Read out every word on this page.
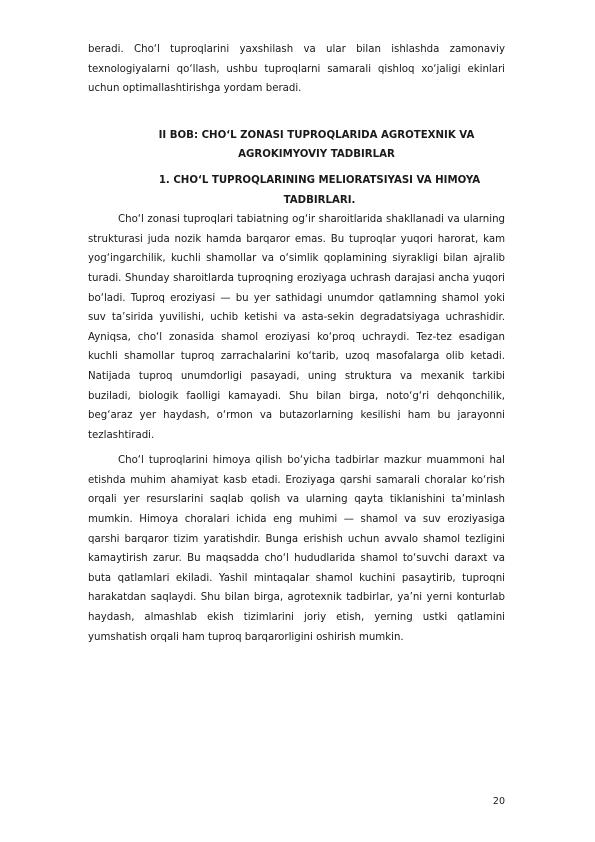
beradi. Cho‘l tuproqlarini yaxshilash va ular bilan ishlashda zamonaviy texnologiyalarni qo‘llash, ushbu tuproqlarni samarali qishloq xo‘jaligi ekinlari uchun optimallashtirishga yordam beradi.

II BOB: CHO‘L ZONASI TUPROQLARIDA AGROTEXNIK VA AGROKIMYOVIY TADBIRLAR
1. CHO‘L TUPROQLARINING MELIORATSIYASI VA HIMOYA TADBIRLARI.

Cho‘l zonasi tuproqlari tabiatning og‘ir sharoitlarida shakllanadi va ularning strukturasi juda nozik hamda barqaror emas. Bu tuproqlar yuqori harorat, kam yog‘ingarchilik, kuchli shamollar va o‘simlik qoplamining siyrakligi bilan ajralib turadi. Shunday sharoitlarda tuproqning eroziyaga uchrash darajasi ancha yuqori bo‘ladi. Tuproq eroziyasi — bu yer sathidagi unumdor qatlamning shamol yoki suv ta’sirida yuvilishi, uchib ketishi va asta-sekin degradatsiyaga uchrashidir. Ayniqsa, cho‘l zonasida shamol eroziyasi ko‘proq uchraydi. Tez-tez esadigan kuchli shamollar tuproq zarrachalarini ko‘tarib, uzoq masofalarga olib ketadi. Natijada tuproq unumdorligi pasayadi, uning struktura va mexanik tarkibi buziladi, biologik faolligi kamayadi. Shu bilan birga, noto‘g‘ri dehqonchilik, beg‘araz yer haydash, o‘rmon va butazorlarning kesilishi ham bu jarayonni tezlashtiradi.

Cho‘l tuproqlarini himoya qilish bo‘yicha tadbirlar mazkur muammoni hal etishda muhim ahamiyat kasb etadi. Eroziyaga qarshi samarali choralar ko‘rish orqali yer resurslarini saqlab qolish va ularning qayta tiklanishini ta’minlash mumkin. Himoya choralari ichida eng muhimi — shamol va suv eroziyasiga qarshi barqaror tizim yaratishdir. Bunga erishish uchun avvalo shamol tezligini kamaytirish zarur. Bu maqsadda cho‘l hududlarida shamol to‘suvchi daraxt va buta qatlamlari ekiladi. Yashil mintaqalar shamol kuchini pasaytirib, tuproqni harakatdan saqlaydi. Shu bilan birga, agrotexnik tadbirlar, ya’ni yerni konturlab haydash, almashlab ekish tizimlarini joriy etish, yerning ustki qatlamini yumshatish orqali ham tuproq barqarorligini oshirish mumkin.

20
